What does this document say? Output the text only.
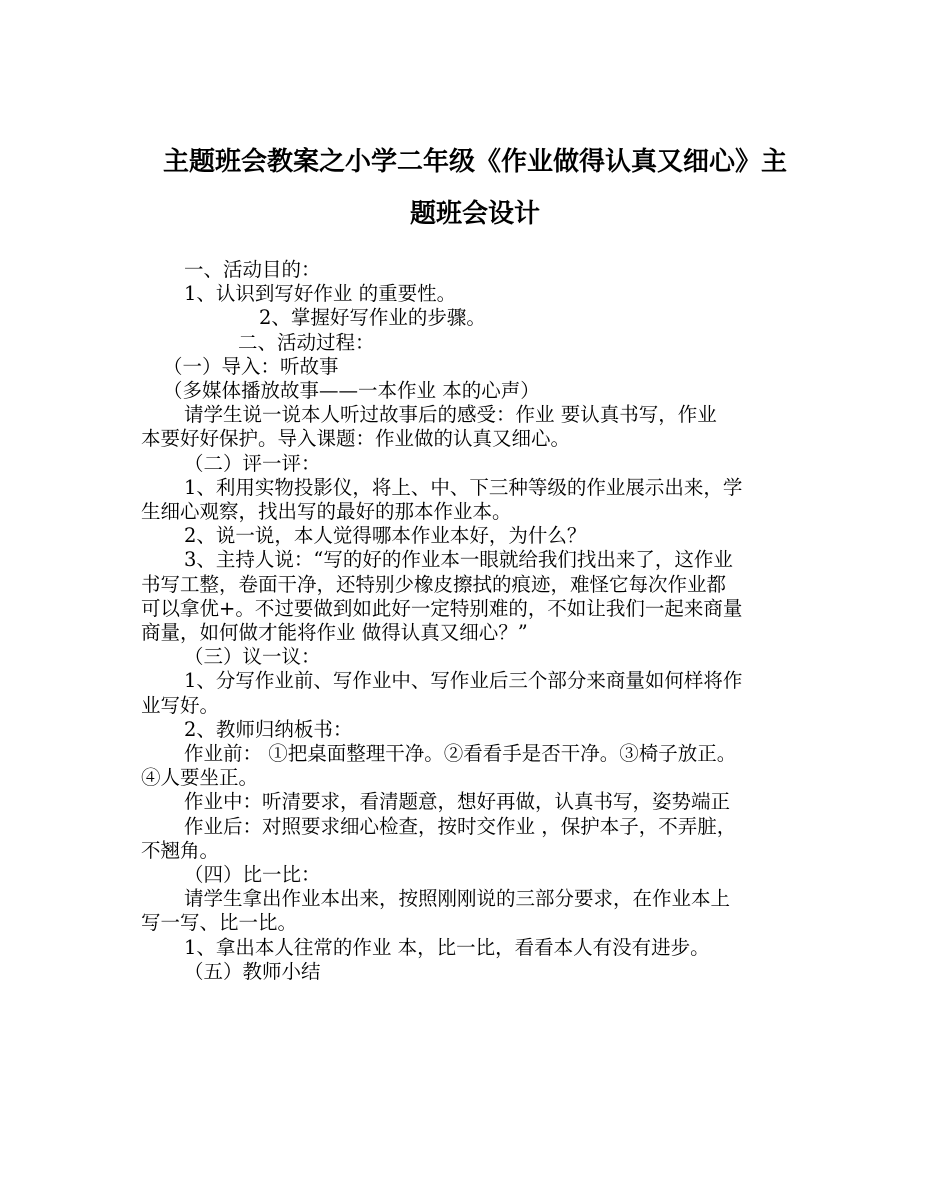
主题班会教案之小学二年级《作业做得认真又细心》主
题班会设计

一、活动目的：

1、认识到写好作业 的重要性。

2、掌握好写作业的步骤。

二、活动过程：

（一）导入：听故事

（多媒体播放故事——一本作业 本的心声）

请学生说一说本人听过故事后的感受：作业 要认真书写，作业

本要好好保护。导入课题：作业做的认真又细心。

（二）评一评：

1、利用实物投影仪，将上、中、下三种等级的作业展示出来，学

生细心观察，找出写的最好的那本作业本。

2、说一说，本人觉得哪本作业本好，为什么？

3、主持人说：“写的好的作业本一眼就给我们找出来了，这作业

书写工整，卷面干净，还特别少橡皮擦拭的痕迹，难怪它每次作业都

可以拿优+。不过要做到如此好一定特别难的，不如让我们一起来商量

商量，如何做才能将作业 做得认真又细心？”

（三）议一议：

1、分写作业前、写作业中、写作业后三个部分来商量如何样将作

业写好。

2、教师归纳板书：

作业前： ①把桌面整理干净。②看看手是否干净。③椅子放正。

④人要坐正。

作业中：听清要求，看清题意，想好再做，认真书写，姿势端正

作业后：对照要求细心检查，按时交作业 ，保护本子，不弄脏，

不翘角。

（四）比一比：

请学生拿出作业本出来，按照刚刚说的三部分要求，在作业本上

写一写、比一比。

1、拿出本人往常的作业 本，比一比，看看本人有没有进步。

（五）教师小结
